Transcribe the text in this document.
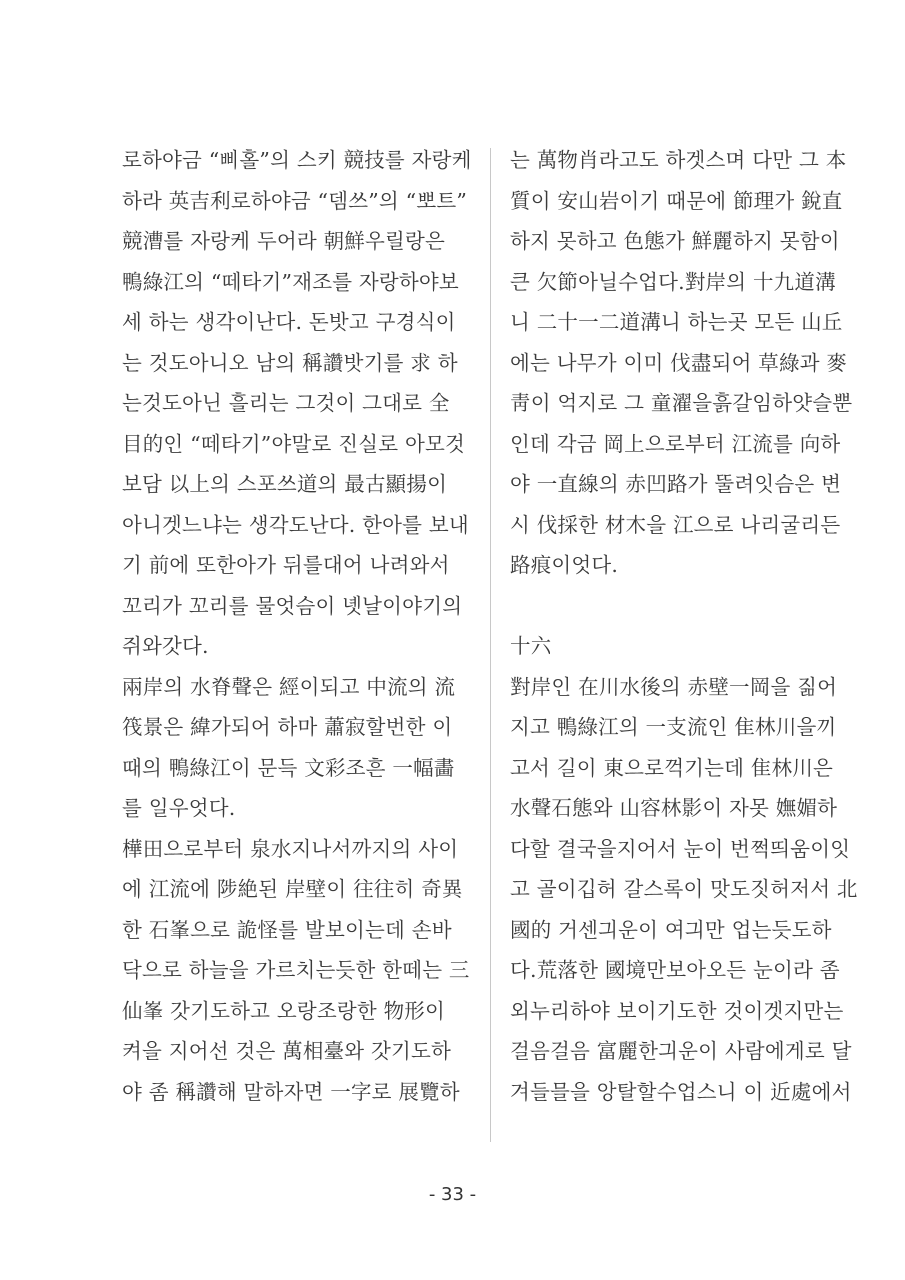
로하야금 “삐홀”의 스키 競技를 자랑케
하라 英吉利로하야금 “뎀쓰”의 “뽀트”
競漕를 자랑케 두어라 朝鮮우릴랑은
鴨綠江의 “떼타기”재조를 자랑하야보
세 하는 생각이난다. 돈밧고 구경식이
는 것도아니오 남의 稱讚밧기를 求 하
는것도아닌 흘리는 그것이 그대로 全
目的인 “떼타기”야말로 진실로 아모것
보담 以上의 스포쓰道의 最古顯揚이
아니겟느냐는 생각도난다. 한아를 보내
기 前에 또한아가 뒤를대어 나려와서
꼬리가 꼬리를 물엇슴이 녯날이야기의
쥐와갓다.
兩岸의 水脊聲은 經이되고 中流의 流
筏景은 緯가되어 하마 蕭寂할번한 이
때의 鴨綠江이 문득 文彩조흔 一幅畵
를 일우엇다.
樺田으로부터 泉水지나서까지의 사이
에 江流에 陟絶된 岸壁이 往往히 奇異
한 石峯으로 詭怪를 발보이는데 손바
닥으로 하늘을 가르치는듯한 한떼는 三
仙峯 갓기도하고 오랑조랑한 物形이
켜을 지어선 것은 萬相臺와 갓기도하
야 좀 稱讚해 말하자면 一字로 展覽하
는 萬物肖라고도 하겟스며 다만 그 本
質이 安山岩이기 때문에 節理가 銳直
하지 못하고 色態가 鮮麗하지 못함이
큰 欠節아닐수업다.對岸의 十九道溝
니 二十一二道溝니 하는곳 모든 山丘
에는 나무가 이미 伐盡되어 草綠과 麥
靑이 억지로 그 童濯을흙갈임하얏슬뿐
인데 각금 岡上으로부터 江流를 向하
야 一直線의 赤凹路가 뚤려잇슴은 변
시 伐採한 材木을 江으로 나리굴리든
路痕이엇다.
十六
對岸인 在川水後의 赤壁一岡을 짊어
지고 鴨綠江의 一支流인 隹林川을끼
고서 길이 東으로꺽기는데 隹林川은
水聲石態와 山容林影이 자못 嫵媚하
다할 결국을지어서 눈이 번쩍띄움이잇
고 골이깁허 갈스록이 맛도짓허저서 北
國的 거센긔운이 여긔만 업는듯도하
다.荒落한 國境만보아오든 눈이라 좀
외누리하야 보이기도한 것이겟지만는
걸음걸음 富麗한긔운이 사람에게로 달
겨들믈을 앙탈할수업스니 이 近處에서
- 33 -
